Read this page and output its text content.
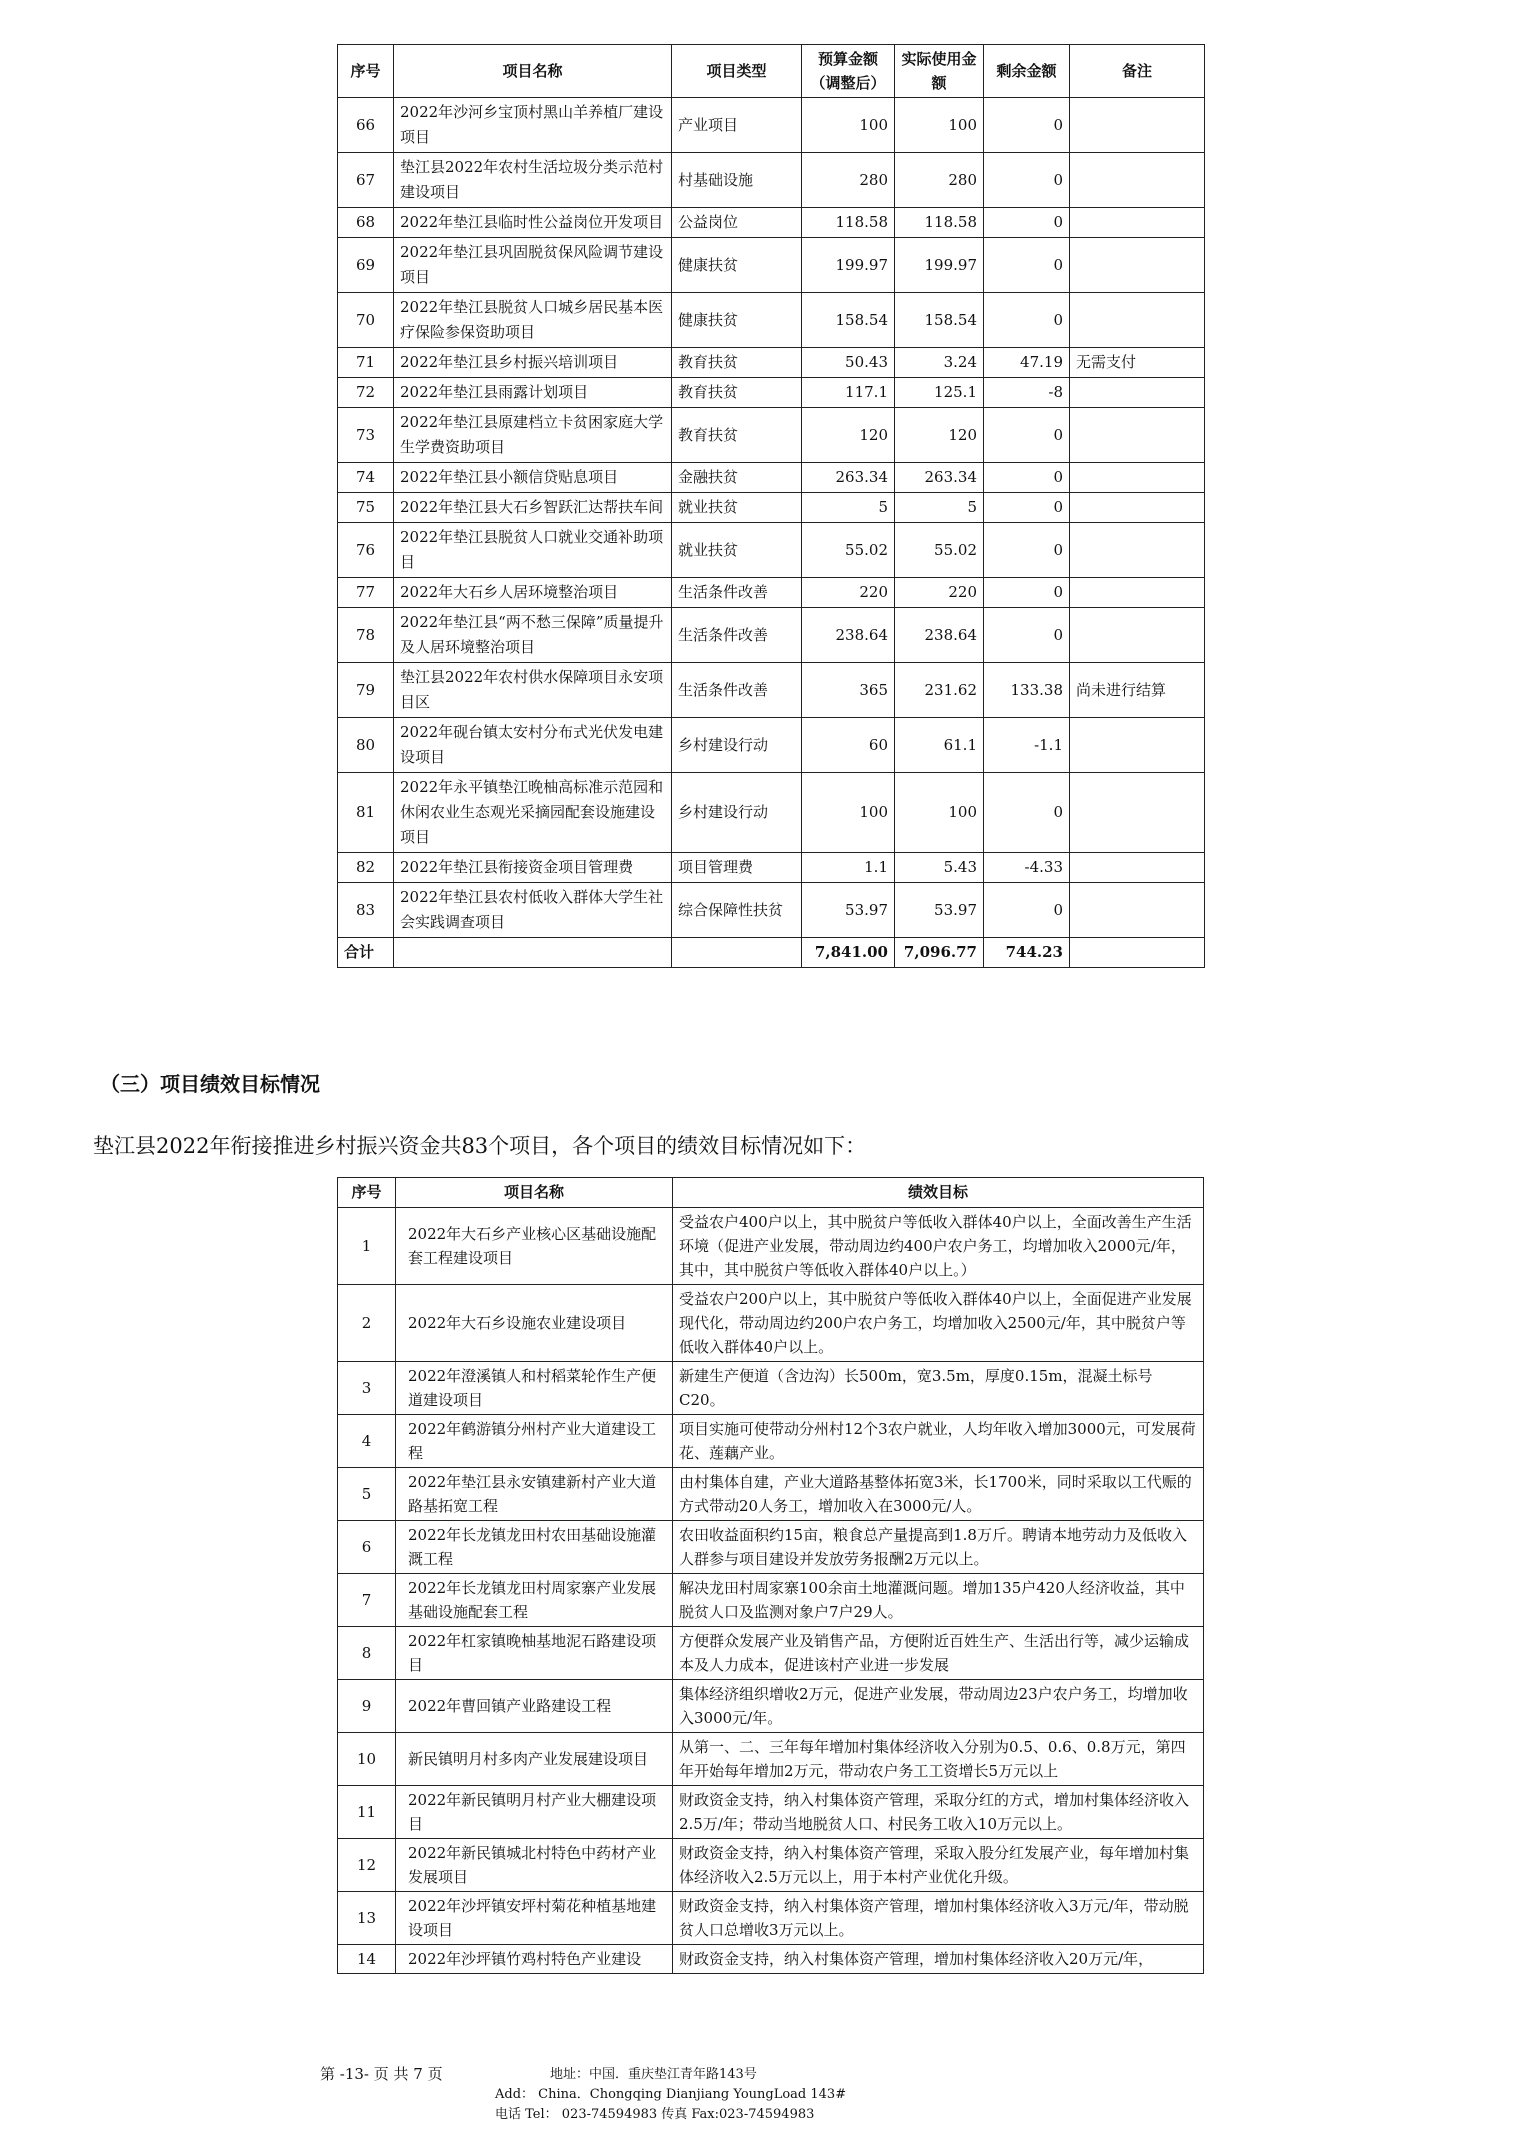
序号	项目名称	项目类型	预算金额（调整后）	实际使用金额	剩余金额	备注
66	2022年沙河乡宝顶村黑山羊养植厂建设项目	产业项目	100	100	0	
67	垫江县2022年农村生活垃圾分类示范村建设项目	村基础设施	280	280	0	
68	2022年垫江县临时性公益岗位开发项目	公益岗位	118.58	118.58	0	
69	2022年垫江县巩固脱贫保风险调节建设项目	健康扶贫	199.97	199.97	0	
70	2022年垫江县脱贫人口城乡居民基本医疗保险参保资助项目	健康扶贫	158.54	158.54	0	
71	2022年垫江县乡村振兴培训项目	教育扶贫	50.43	3.24	47.19	无需支付
72	2022年垫江县雨露计划项目	教育扶贫	117.1	125.1	-8	
73	2022年垫江县原建档立卡贫困家庭大学生学费资助项目	教育扶贫	120	120	0	
74	2022年垫江县小额信贷贴息项目	金融扶贫	263.34	263.34	0	
75	2022年垫江县大石乡智跃汇达帮扶车间	就业扶贫	5	5	0	
76	2022年垫江县脱贫人口就业交通补助项目	就业扶贫	55.02	55.02	0	
77	2022年大石乡人居环境整治项目	生活条件改善	220	220	0	
78	2022年垫江县“两不愁三保障”质量提升及人居环境整治项目	生活条件改善	238.64	238.64	0	
79	垫江县2022年农村供水保障项目永安项目区	生活条件改善	365	231.62	133.38	尚未进行结算
80	2022年砚台镇太安村分布式光伏发电建设项目	乡村建设行动	60	61.1	-1.1	
81	2022年永平镇垫江晚柚高标准示范园和休闲农业生态观光采摘园配套设施建设项目	乡村建设行动	100	100	0	
82	2022年垫江县衔接资金项目管理费	项目管理费	1.1	5.43	-4.33	
83	2022年垫江县农村低收入群体大学生社会实践调查项目	综合保障性扶贫	53.97	53.97	0	
合计			7,841.00	7,096.77	744.23	
（三）项目绩效目标情况
垫江县2022年衔接推进乡村振兴资金共83个项目，各个项目的绩效目标情况如下：
序号	项目名称	绩效目标
1	2022年大石乡产业核心区基础设施配套工程建设项目	受益农户400户以上，其中脱贫户等低收入群体40户以上，全面改善生产生活环境（促进产业发展，带动周边约400户农户务工，均增加收入2000元/年，其中，其中脱贫户等低收入群体40户以上。）
2	2022年大石乡设施农业建设项目	受益农户200户以上，其中脱贫户等低收入群体40户以上，全面促进产业发展现代化，带动周边约200户农户务工，均增加收入2500元/年，其中脱贫户等低收入群体40户以上。
3	2022年澄溪镇人和村稻菜轮作生产便道建设项目	新建生产便道（含边沟）长500m，宽3.5m，厚度0.15m，混凝土标号C20。
4	2022年鹤游镇分州村产业大道建设工程	项目实施可使带动分州村12个3农户就业，人均年收入增加3000元，可发展荷花、莲藕产业。
5	2022年垫江县永安镇建新村产业大道路基拓宽工程	由村集体自建，产业大道路基整体拓宽3米，长1700米，同时采取以工代赈的方式带动20人务工，增加收入在3000元/人。
6	2022年长龙镇龙田村农田基础设施灌溉工程	农田收益面积约15亩，粮食总产量提高到1.8万斤。聘请本地劳动力及低收入人群参与项目建设并发放劳务报酬2万元以上。
7	2022年长龙镇龙田村周家寨产业发展基础设施配套工程	解决龙田村周家寨100余亩土地灌溉问题。增加135户420人经济收益，其中脱贫人口及监测对象户7户29人。
8	2022年杠家镇晚柚基地泥石路建设项目	方便群众发展产业及销售产品，方便附近百姓生产、生活出行等，减少运输成本及人力成本，促进该村产业进一步发展
9	2022年曹回镇产业路建设工程	集体经济组织增收2万元，促进产业发展，带动周边23户农户务工，均增加收入3000元/年。
10	新民镇明月村多肉产业发展建设项目	从第一、二、三年每年增加村集体经济收入分别为0.5、0.6、0.8万元，第四年开始每年增加2万元，带动农户务工工资增长5万元以上
11	2022年新民镇明月村产业大棚建设项目	财政资金支持，纳入村集体资产管理，采取分红的方式，增加村集体经济收入2.5万/年；带动当地脱贫人口、村民务工收入10万元以上。
12	2022年新民镇城北村特色中药材产业发展项目	财政资金支持，纳入村集体资产管理，采取入股分红发展产业，每年增加村集体经济收入2.5万元以上，用于本村产业优化升级。
13	2022年沙坪镇安坪村菊花种植基地建设项目	财政资金支持，纳入村集体资产管理，增加村集体经济收入3万元/年，带动脱贫人口总增收3万元以上。
14	2022年沙坪镇竹鸡村特色产业建设	财政资金支持，纳入村集体资产管理，增加村集体经济收入20万元/年，
第 -13- 页 共 7 页	地址：中国．重庆垫江青年路143号
Add： China．Chongqing Dianjiang YoungLoad 143#
电话 Tel： 023-74594983 传真 Fax:023-74594983
